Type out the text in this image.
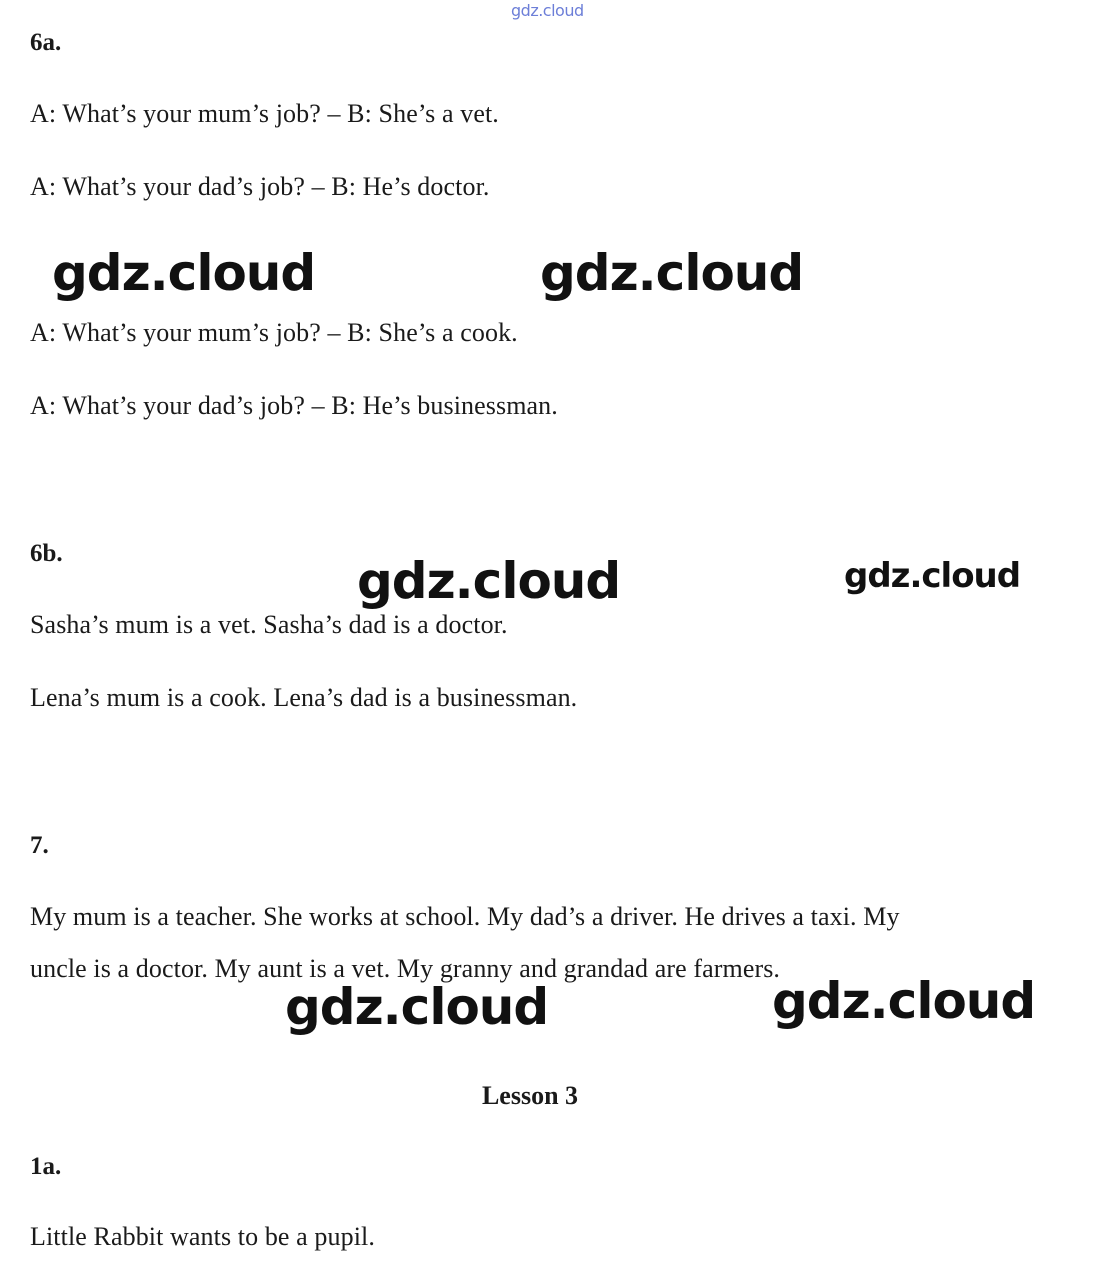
gdz.cloud
6a.
A: What’s your mum’s job? – B: She’s a vet.
A: What’s your dad’s job? – B: He’s doctor.
gdz.cloud	gdz.cloud
A: What’s your mum’s job? – B: She’s a cook.
A: What’s your dad’s job? – B: He’s businessman.
6b.	gdz.cloud	gdz.cloud
Sasha’s mum is a vet. Sasha’s dad is a doctor.
Lena’s mum is a cook. Lena’s dad is a businessman.
7.
My mum is a teacher. She works at school. My dad’s a driver. He drives a taxi. My
uncle is a doctor. My aunt is a vet. My granny and grandad are farmers.
gdz.cloud	gdz.cloud
Lesson 3
1a.
Little Rabbit wants to be a pupil.
